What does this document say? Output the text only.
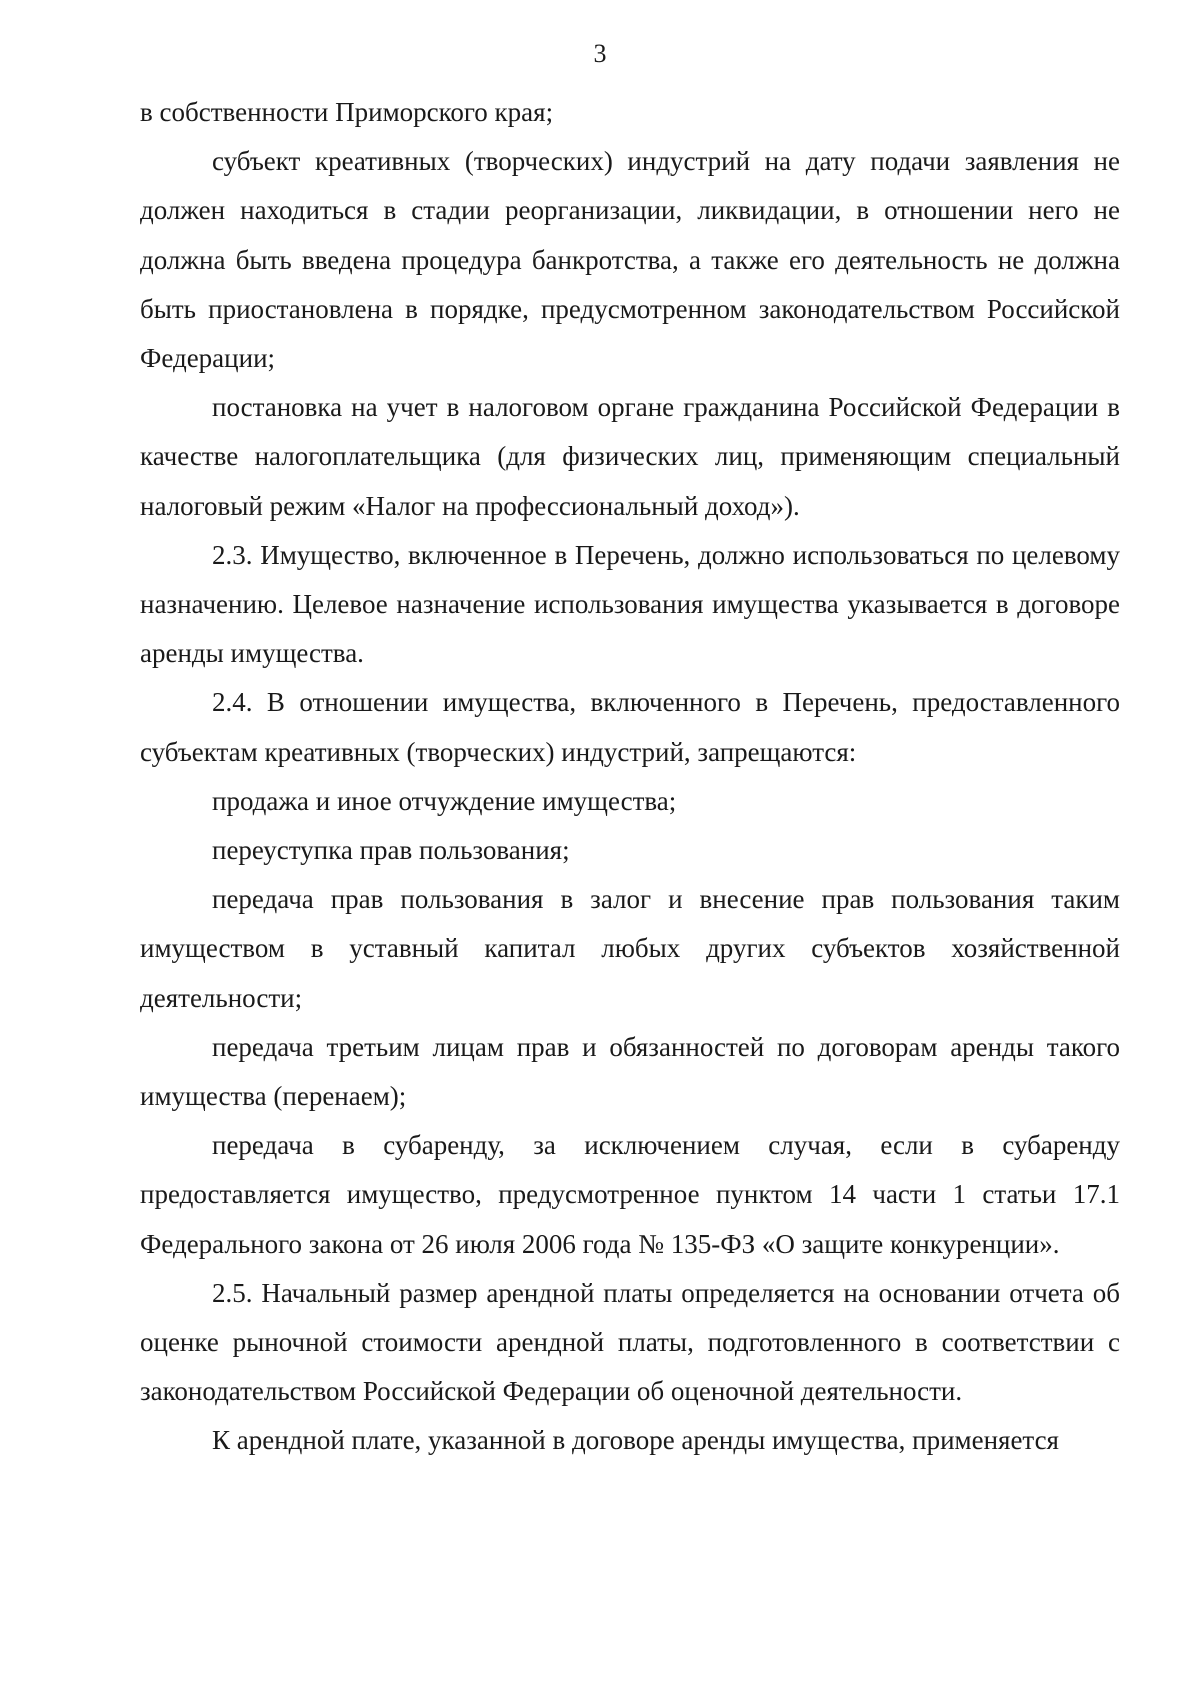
3

в собственности Приморского края;

субъект креативных (творческих) индустрий на дату подачи заявления не должен находиться в стадии реорганизации, ликвидации, в отношении него не должна быть введена процедура банкротства, а также его деятельность не должна быть приостановлена в порядке, предусмотренном законодательством Российской Федерации;

постановка на учет в налоговом органе гражданина Российской Федерации в качестве налогоплательщика (для физических лиц, применяющим специальный налоговый режим «Налог на профессиональный доход»).

2.3. Имущество, включенное в Перечень, должно использоваться по целевому назначению. Целевое назначение использования имущества указывается в договоре аренды имущества.

2.4. В отношении имущества, включенного в Перечень, предоставленного субъектам креативных (творческих) индустрий, запрещаются:

продажа и иное отчуждение имущества;

переуступка прав пользования;

передача прав пользования в залог и внесение прав пользования таким имуществом в уставный капитал любых других субъектов хозяйственной деятельности;

передача третьим лицам прав и обязанностей по договорам аренды такого имущества (перенаем);

передача в субаренду, за исключением случая, если в субаренду предоставляется имущество, предусмотренное пунктом 14 части 1 статьи 17.1 Федерального закона от 26 июля 2006 года № 135-ФЗ «О защите конкуренции».

2.5. Начальный размер арендной платы определяется на основании отчета об оценке рыночной стоимости арендной платы, подготовленного в соответствии с законодательством Российской Федерации об оценочной деятельности.

К арендной плате, указанной в договоре аренды имущества, применяется
